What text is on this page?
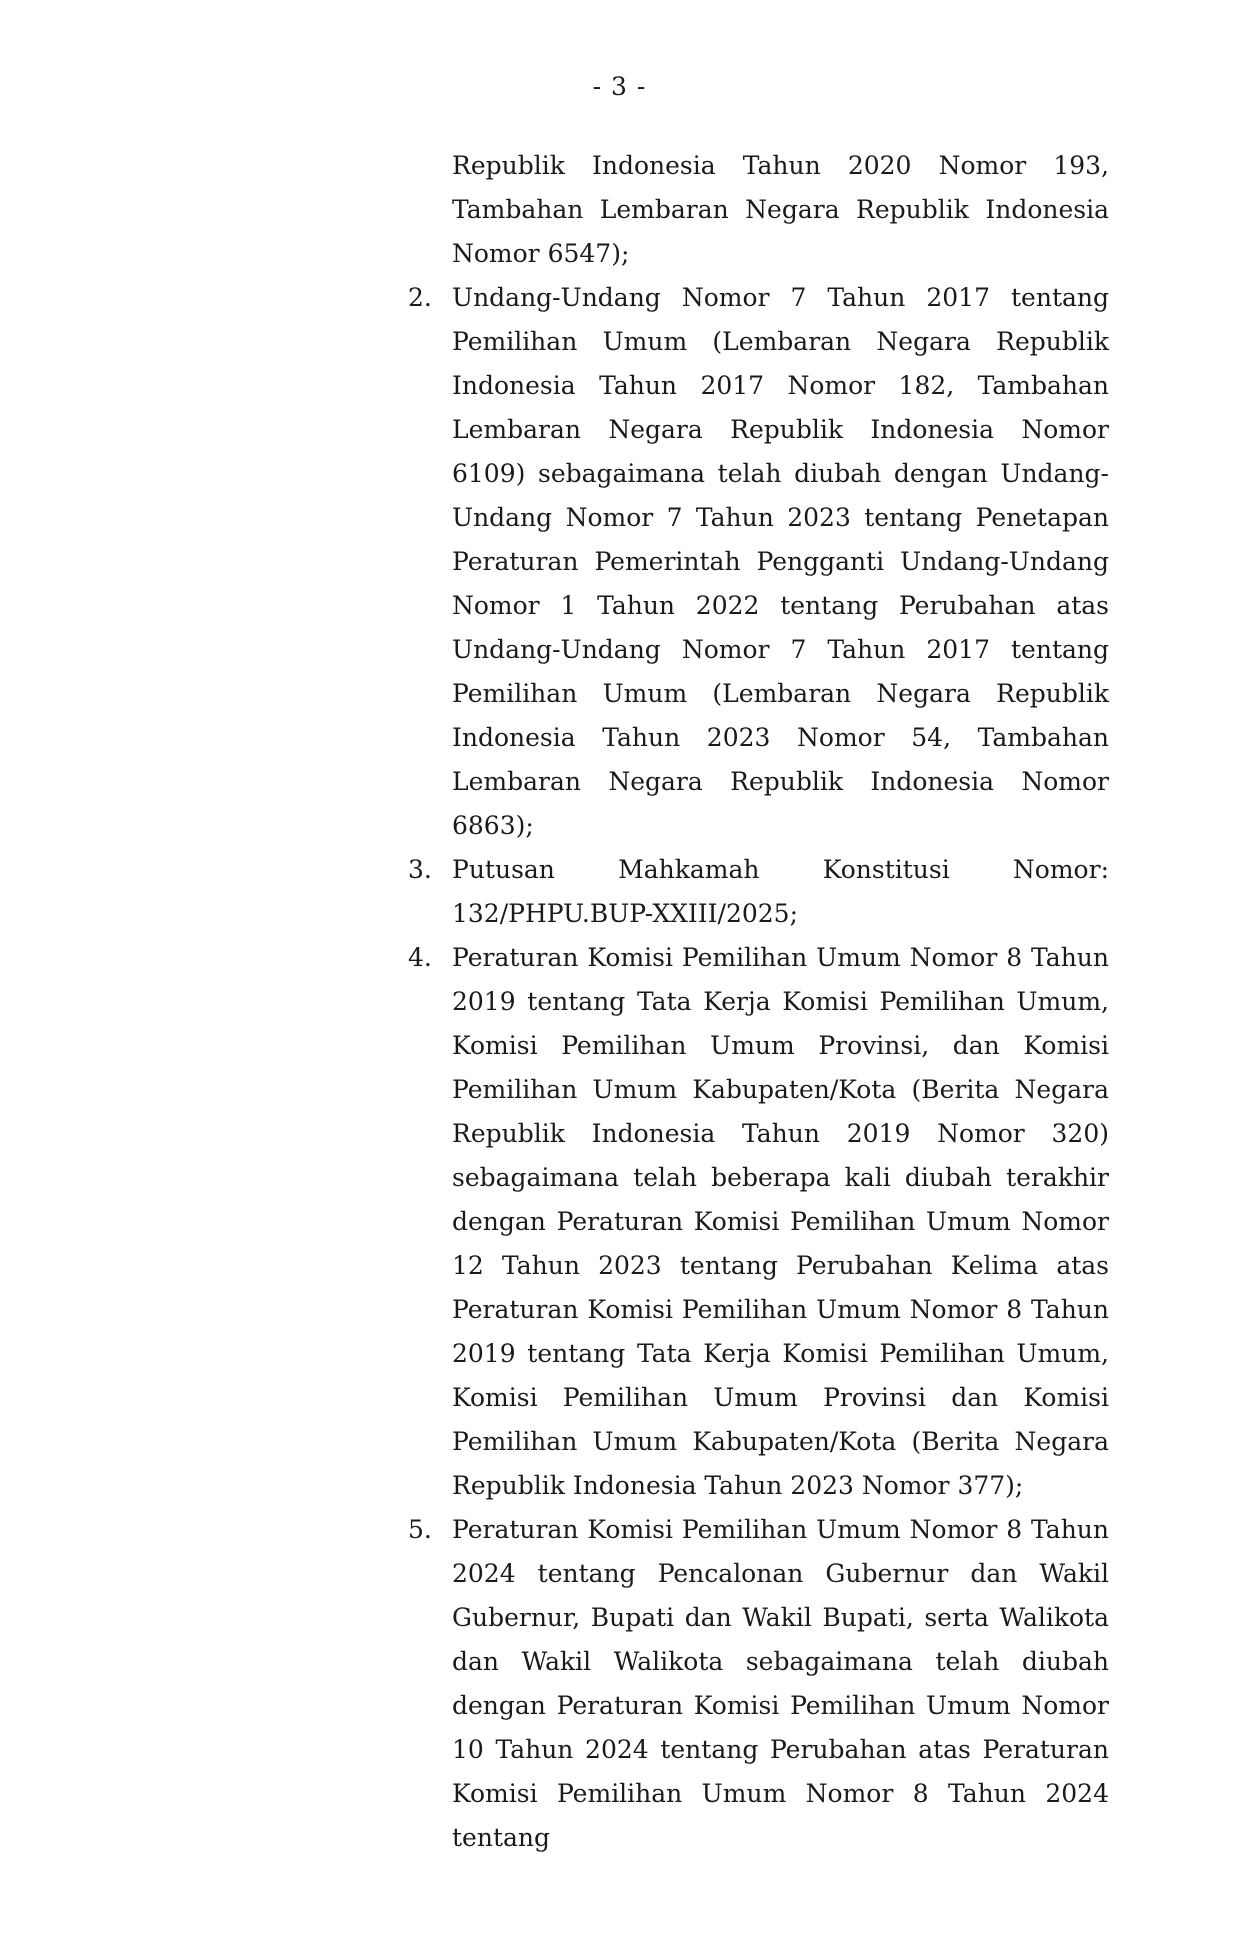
- 3 -

Republik Indonesia Tahun 2020 Nomor 193, Tambahan Lembaran Negara Republik Indonesia Nomor 6547);

2. Undang-Undang Nomor 7 Tahun 2017 tentang Pemilihan Umum (Lembaran Negara Republik Indonesia Tahun 2017 Nomor 182, Tambahan Lembaran Negara Republik Indonesia Nomor 6109) sebagaimana telah diubah dengan Undang-Undang Nomor 7 Tahun 2023 tentang Penetapan Peraturan Pemerintah Pengganti Undang-Undang Nomor 1 Tahun 2022 tentang Perubahan atas Undang-Undang Nomor 7 Tahun 2017 tentang Pemilihan Umum (Lembaran Negara Republik Indonesia Tahun 2023 Nomor 54, Tambahan Lembaran Negara Republik Indonesia Nomor 6863);
3. Putusan Mahkamah Konstitusi Nomor: 132/PHPU.BUP-XXIII/2025;
4. Peraturan Komisi Pemilihan Umum Nomor 8 Tahun 2019 tentang Tata Kerja Komisi Pemilihan Umum, Komisi Pemilihan Umum Provinsi, dan Komisi Pemilihan Umum Kabupaten/Kota (Berita Negara Republik Indonesia Tahun 2019 Nomor 320) sebagaimana telah beberapa kali diubah terakhir dengan Peraturan Komisi Pemilihan Umum Nomor 12 Tahun 2023 tentang Perubahan Kelima atas Peraturan Komisi Pemilihan Umum Nomor 8 Tahun 2019 tentang Tata Kerja Komisi Pemilihan Umum, Komisi Pemilihan Umum Provinsi dan Komisi Pemilihan Umum Kabupaten/Kota (Berita Negara Republik Indonesia Tahun 2023 Nomor 377);
5. Peraturan Komisi Pemilihan Umum Nomor 8 Tahun 2024 tentang Pencalonan Gubernur dan Wakil Gubernur, Bupati dan Wakil Bupati, serta Walikota dan Wakil Walikota sebagaimana telah diubah dengan Peraturan Komisi Pemilihan Umum Nomor 10 Tahun 2024 tentang Perubahan atas Peraturan Komisi Pemilihan Umum Nomor 8 Tahun 2024 tentang
